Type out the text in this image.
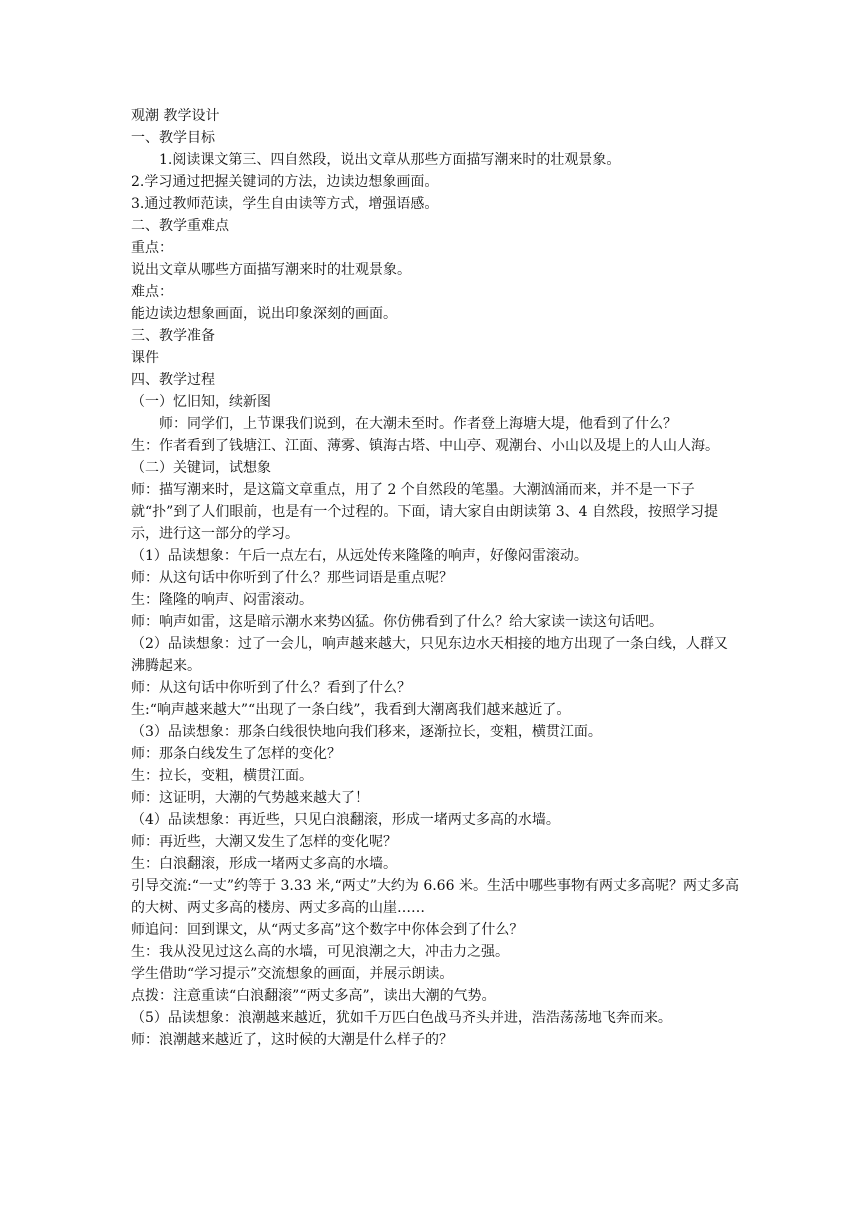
观潮 教学设计
一、教学目标
1.阅读课文第三、四自然段，说出文章从那些方面描写潮来时的壮观景象。
2.学习通过把握关键词的方法，边读边想象画面。
3.通过教师范读，学生自由读等方式，增强语感。
二、教学重难点
重点：
说出文章从哪些方面描写潮来时的壮观景象。
难点：
能边读边想象画面，说出印象深刻的画面。
三、教学准备
课件
四、教学过程
（一）忆旧知，续新图
师：同学们，上节课我们说到，在大潮未至时。作者登上海塘大堤，他看到了什么？
生：作者看到了钱塘江、江面、薄雾、镇海古塔、中山亭、观潮台、小山以及堤上的人山人海。
（二）关键词，试想象
师：描写潮来时，是这篇文章重点，用了 2 个自然段的笔墨。大潮汹涌而来，并不是一下子就“扑”到了人们眼前，也是有一个过程的。下面，请大家自由朗读第 3、4 自然段，按照学习提示，进行这一部分的学习。
（1）品读想象：午后一点左右，从远处传来隆隆的响声，好像闷雷滚动。
师：从这句话中你听到了什么？那些词语是重点呢？
生：隆隆的响声、闷雷滚动。
师：响声如雷，这是暗示潮水来势凶猛。你仿佛看到了什么？给大家读一读这句话吧。
（2）品读想象：过了一会儿，响声越来越大，只见东边水天相接的地方出现了一条白线，人群又沸腾起来。
师：从这句话中你听到了什么？看到了什么？
生:“响声越来越大”“出现了一条白线”，我看到大潮离我们越来越近了。
（3）品读想象：那条白线很快地向我们移来，逐渐拉长，变粗，横贯江面。
师：那条白线发生了怎样的变化？
生：拉长，变粗，横贯江面。
师：这证明，大潮的气势越来越大了！
（4）品读想象：再近些，只见白浪翻滚，形成一堵两丈多高的水墙。
师：再近些，大潮又发生了怎样的变化呢？
生：白浪翻滚，形成一堵两丈多高的水墙。
引导交流:“一丈”约等于 3.33 米,“两丈”大约为 6.66 米。生活中哪些事物有两丈多高呢？两丈多高的大树、两丈多高的楼房、两丈多高的山崖……
师追问：回到课文，从“两丈多高”这个数字中你体会到了什么？
生：我从没见过这么高的水墙，可见浪潮之大，冲击力之强。
学生借助“学习提示”交流想象的画面，并展示朗读。
点拨：注意重读“白浪翻滚”“两丈多高”，读出大潮的气势。
（5）品读想象：浪潮越来越近，犹如千万匹白色战马齐头并进，浩浩荡荡地飞奔而来。
师：浪潮越来越近了，这时候的大潮是什么样子的？
